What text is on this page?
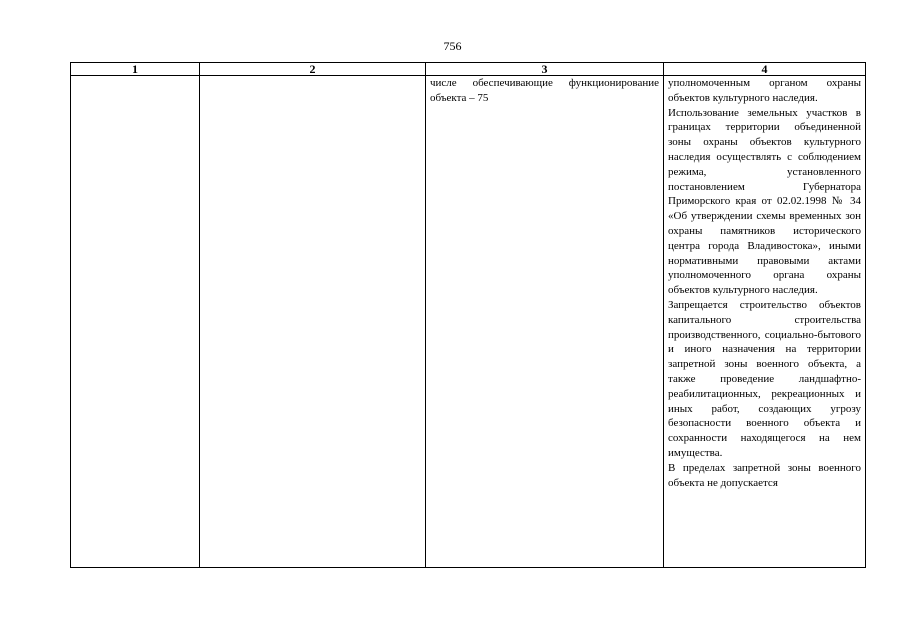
756
1	2	3	4

		числе обеспечивающие функционирование объекта – 75	уполномоченным органом охраны объектов культурного наследия.

Использование земельных участков в границах территории объединенной зоны охраны объектов культурного наследия осуществлять с соблюдением режима, установленного постановлением Губернатора Приморского края от 02.02.1998 № 34 «Об утверждении схемы временных зон охраны памятников исторического центра города Владивостока», иными нормативными правовыми актами уполномоченного органа охраны объектов культурного наследия.

Запрещается строительство объектов капитального строительства производственного, социально-бытового и иного назначения на территории запретной зоны военного объекта, а также проведение ландшафтно-реабилитационных, рекреационных и иных работ, создающих угрозу безопасности военного объекта и сохранности находящегося на нем имущества.

В пределах запретной зоны военного объекта не допускается
